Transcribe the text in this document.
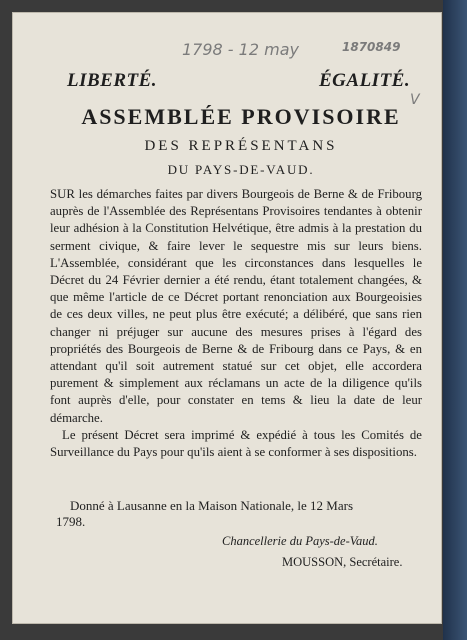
1798 - 12 may	1870849
V
LIBERTÉ.	ÉGALITÉ.
ASSEMBLÉE PROVISOIRE
DES REPRÉSENTANS
DU PAYS-DE-VAUD.

SUR les démarches faites par divers Bourgeois de Berne & de Fribourg auprès de l'Assemblée des Représentans Provisoires tendantes à obtenir leur adhésion à la Constitution Helvétique, être admis à la prestation du serment civique, & faire lever le sequestre mis sur leurs biens. L'Assemblée, considérant que les circonstances dans lesquelles le Décret du 24 Février dernier a été rendu, étant totalement changées, & que même l'article de ce Décret portant renonciation aux Bourgeoisies de ces deux villes, ne peut plus être exécuté; a délibéré, que sans rien changer ni préjuger sur aucune des mesures prises à l'égard des propriétés des Bourgeois de Berne & de Fribourg dans ce Pays, & en attendant qu'il soit autrement statué sur cet objet, elle accordera purement & simplement aux réclamans un acte de la diligence qu'ils font auprès d'elle, pour constater en tems & lieu la date de leur démarche.

Le présent Décret sera imprimé & expédié à tous les Comités de Surveillance du Pays pour qu'ils aient à se conformer à ses dispositions.

Donné à Lausanne en la Maison Nationale, le 12 Mars
1798.
Chancellerie du Pays-de-Vaud.
MOUSSON, Secrétaire.
